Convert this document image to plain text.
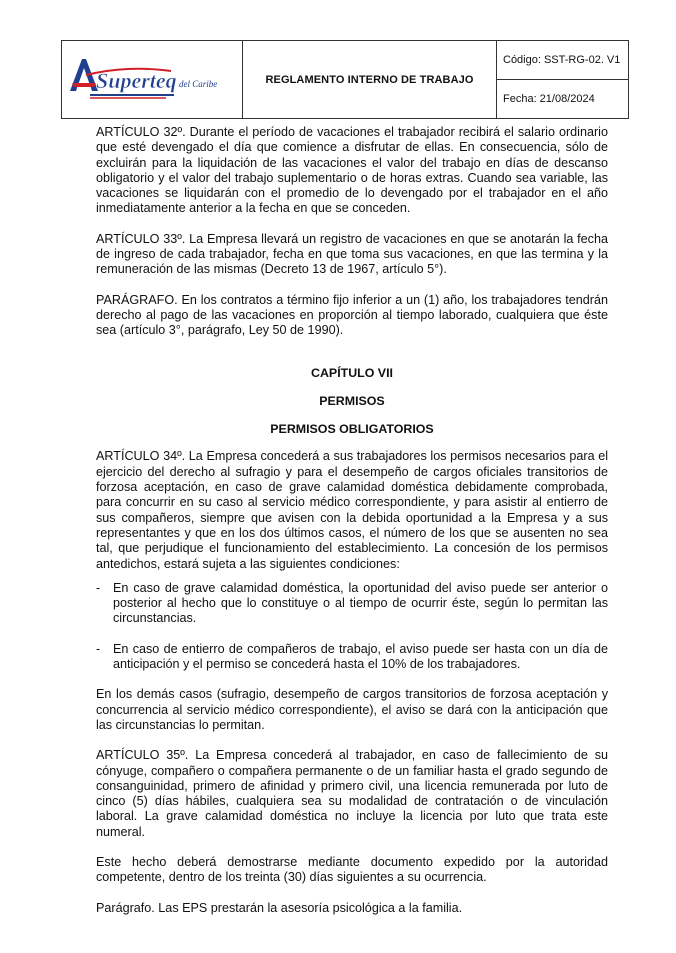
Superteq del Caribe	REGLAMENTO INTERNO DE TRABAJO
Código: SST-RG-02. V1
Fecha: 21/08/2024

ARTÍCULO 32º. Durante el período de vacaciones el trabajador recibirá el salario ordinario que esté devengado el día que comience a disfrutar de ellas. En consecuencia, sólo de excluirán para la liquidación de las vacaciones el valor del trabajo en días de descanso obligatorio y el valor del trabajo suplementario o de horas extras. Cuando sea variable, las vacaciones se liquidarán con el promedio de lo devengado por el trabajador en el año inmediatamente anterior a la fecha en que se conceden.

ARTÍCULO 33º. La Empresa llevará un registro de vacaciones en que se anotarán la fecha de ingreso de cada trabajador, fecha en que toma sus vacaciones, en que las termina y la remuneración de las mismas (Decreto 13 de 1967, artículo 5°).

PARÁGRAFO. En los contratos a término fijo inferior a un (1) año, los trabajadores tendrán derecho al pago de las vacaciones en proporción al tiempo laborado, cualquiera que éste sea (artículo 3°, parágrafo, Ley 50 de 1990).

CAPÍTULO VII

PERMISOS

PERMISOS OBLIGATORIOS

ARTÍCULO 34º. La Empresa concederá a sus trabajadores los permisos necesarios para el ejercicio del derecho al sufragio y para el desempeño de cargos oficiales transitorios de forzosa aceptación, en caso de grave calamidad doméstica debidamente comprobada, para concurrir en su caso al servicio médico correspondiente, y para asistir al entierro de sus compañeros, siempre que avisen con la debida oportunidad a la Empresa y a sus representantes y que en los dos últimos casos, el número de los que se ausenten no sea tal, que perjudique el funcionamiento del establecimiento. La concesión de los permisos antedichos, estará sujeta a las siguientes condiciones:

- En caso de grave calamidad doméstica, la oportunidad del aviso puede ser anterior o posterior al hecho que lo constituye o al tiempo de ocurrir éste, según lo permitan las circunstancias.

- En caso de entierro de compañeros de trabajo, el aviso puede ser hasta con un día de anticipación y el permiso se concederá hasta el 10% de los trabajadores.

En los demás casos (sufragio, desempeño de cargos transitorios de forzosa aceptación y concurrencia al servicio médico correspondiente), el aviso se dará con la anticipación que las circunstancias lo permitan.

ARTÍCULO 35º. La Empresa concederá al trabajador, en caso de fallecimiento de su cónyuge, compañero o compañera permanente o de un familiar hasta el grado segundo de consanguinidad, primero de afinidad y primero civil, una licencia remunerada por luto de cinco (5) días hábiles, cualquiera sea su modalidad de contratación o de vinculación laboral. La grave calamidad doméstica no incluye la licencia por luto que trata este numeral.

Este hecho deberá demostrarse mediante documento expedido por la autoridad competente, dentro de los treinta (30) días siguientes a su ocurrencia.

Parágrafo. Las EPS prestarán la asesoría psicológica a la familia.
